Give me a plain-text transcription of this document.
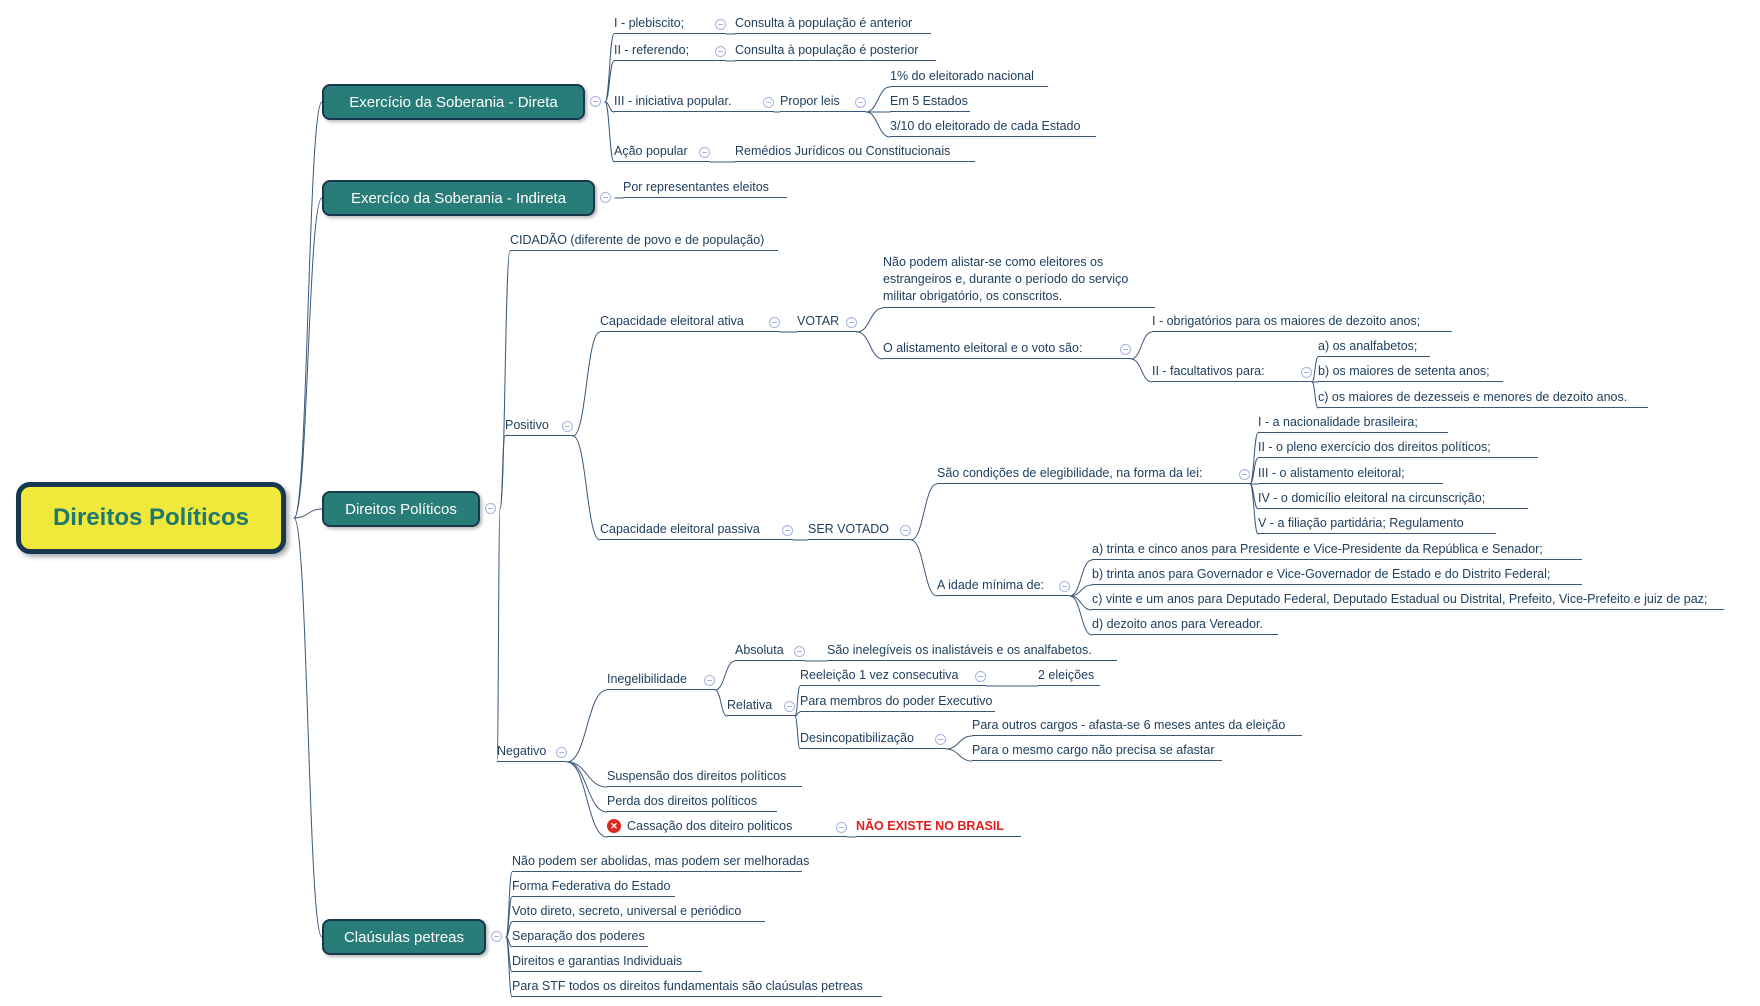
Direitos Políticos
Exercício da Soberania - Direta
Exercíco da Soberania - Indireta
Direitos Políticos
Claúsulas petreas
I - plebiscito;	Consulta à população é anterior
II - referendo;	Consulta à população é posterior
III - iniciativa popular.	Propor leis
1% do eleitorado nacional
Em 5 Estados
3/10 do eleitorado de cada Estado
Ação popular	Remédios Jurídicos ou Constitucionais
Por representantes eleitos
CIDADÃO (diferente de povo e de população)
Positivo
Negativo
Capacidade eleitoral ativa	VOTAR
Não podem alistar-se como eleitores os estrangeiros e, durante o período do serviço militar obrigatório, os conscritos.
O alistamento eleitoral e o voto são:
I - obrigatórios para os maiores de dezoito anos;
II - facultativos para:
a) os analfabetos;
b) os maiores de setenta anos;
c) os maiores de dezesseis e menores de dezoito anos.
Capacidade eleitoral passiva	SER VOTADO
São condições de elegibilidade, na forma da lei:
I - a nacionalidade brasileira;
II - o pleno exercício dos direitos políticos;
III - o alistamento eleitoral;
IV - o domicílio eleitoral na circunscrição;
V - a filiação partidária; Regulamento
A idade mínima de:
a) trinta e cinco anos para Presidente e Vice-Presidente da República e Senador;
b) trinta anos para Governador e Vice-Governador de Estado e do Distrito Federal;
c) vinte e um anos para Deputado Federal, Deputado Estadual ou Distrital, Prefeito, Vice-Prefeito e juiz de paz;
d) dezoito anos para Vereador.
Inegelibilidade
Absoluta	São inelegíveis os inalistáveis e os analfabetos.
Relativa
Reeleição 1 vez consecutiva	2 eleições
Para membros do poder Executivo
Desincopatibilização
Para outros cargos - afasta-se 6 meses antes da eleição
Para o mesmo cargo não precisa se afastar
Suspensão dos direitos políticos
Perda dos direitos políticos
✕ Cassação dos diteiro politicos	NÃO EXISTE NO BRASIL
Não podem ser abolidas, mas podem ser melhoradas
Forma Federativa do Estado
Voto direto, secreto, universal e periódico
Separação dos poderes
Direitos e garantias Individuais
Para STF todos os direitos fundamentais são claúsulas petreas
